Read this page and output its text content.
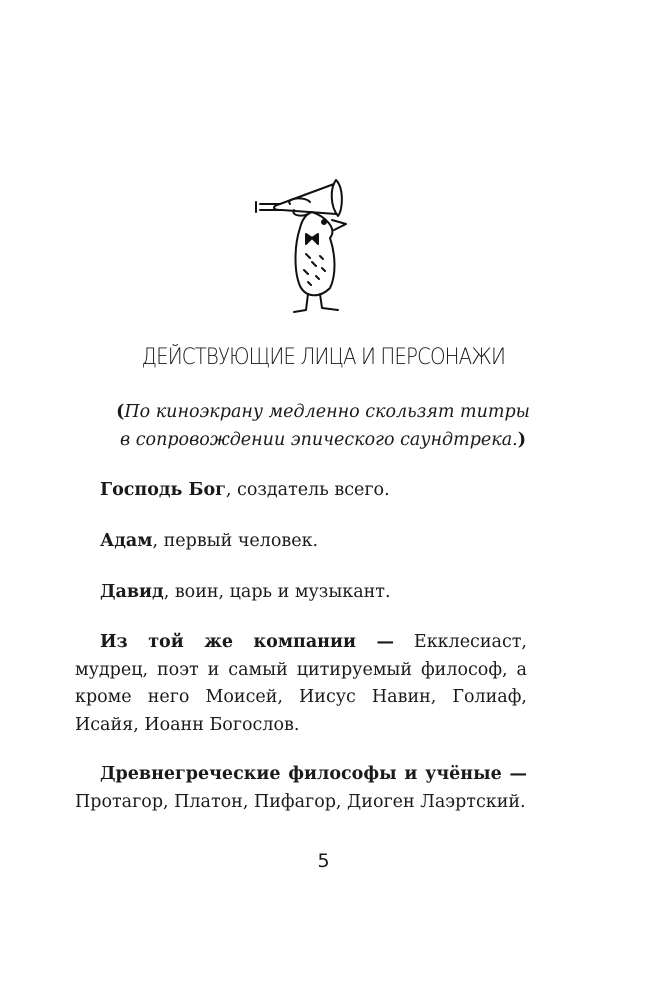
ДЕЙСТВУЮЩИЕ ЛИЦА И ПЕРСОНАЖИ
(По киноэкрану медленно скользят титры
в сопровождении эпического саундтрека.)
Господь Бог, создатель всего.
Адам, первый человек.
Давид, воин, царь и музыкант.
Из той же компании — Екклесиаст, мудрец, поэт и самый цитируемый философ, а кроме него Моисей, Иисус Навин, Голиаф, Исайя, Иоанн Богослов.
Древнегреческие философы и учёные — Протагор, Платон, Пифагор, Диоген Лаэртский.
5
